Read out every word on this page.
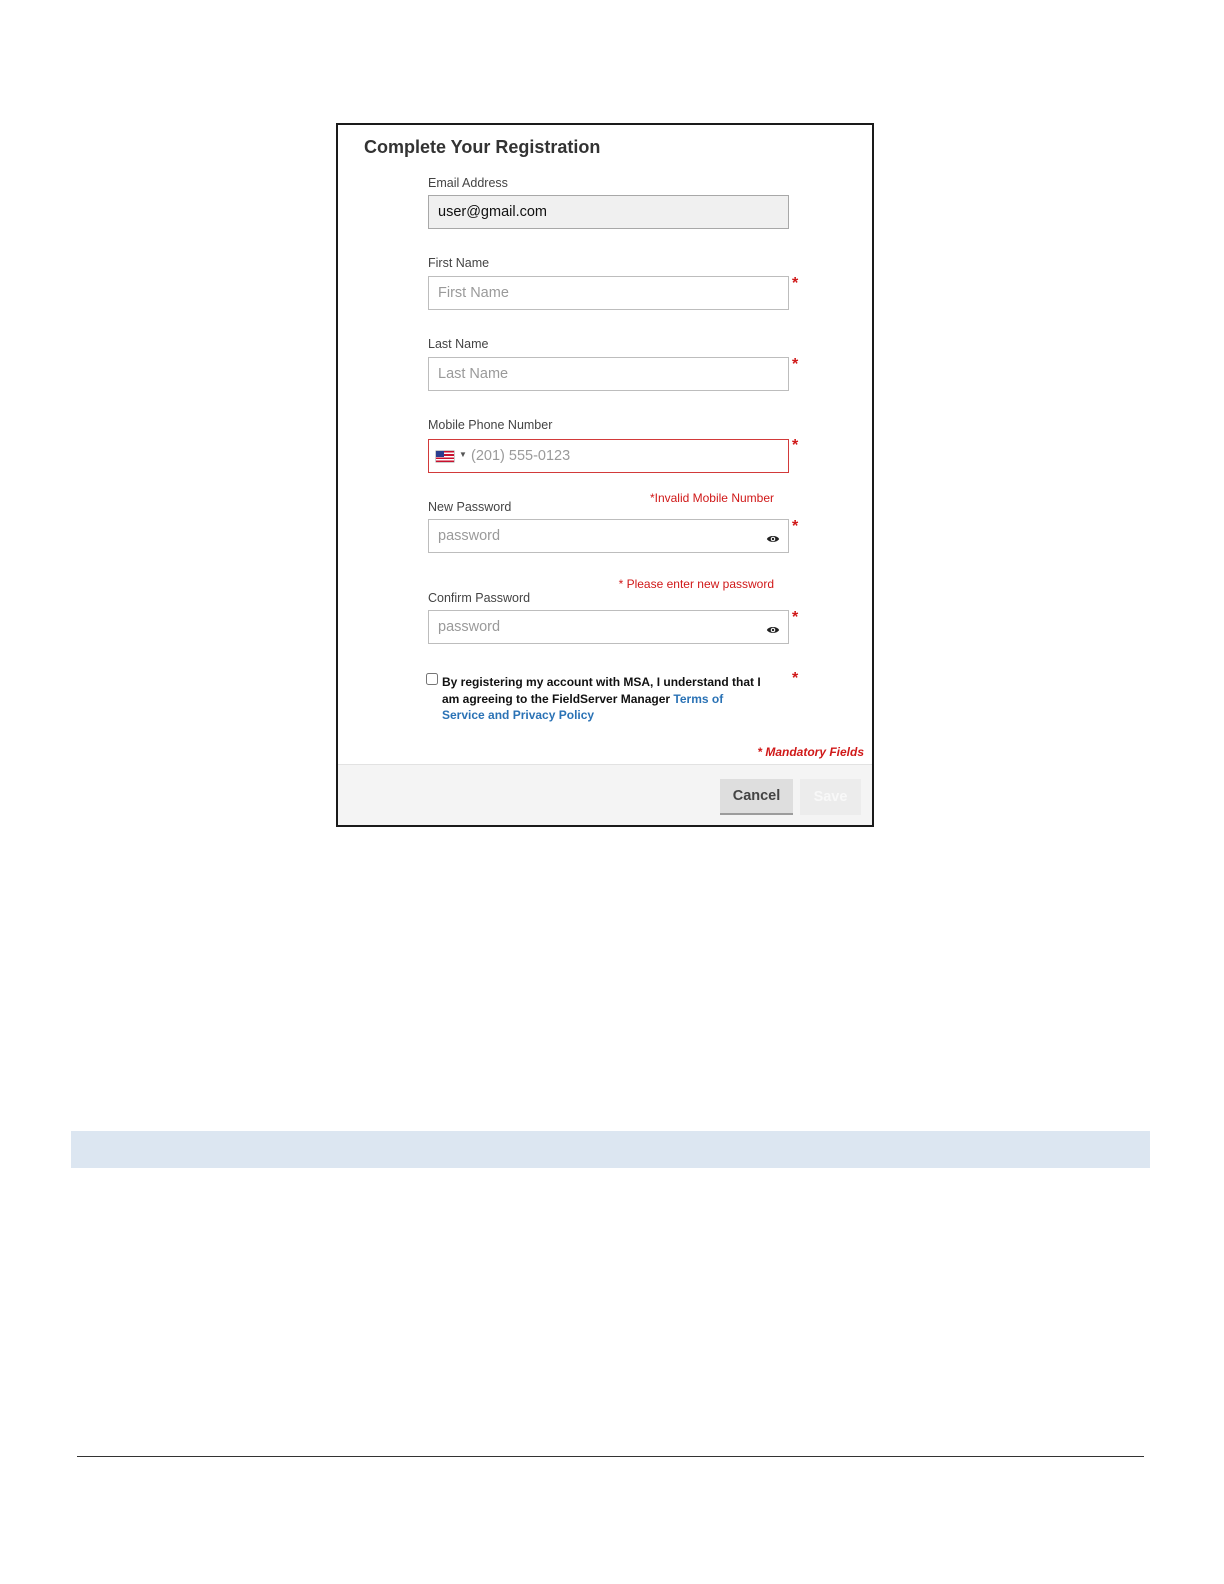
Complete Your Registration
Email Address
user@gmail.com
First Name
First Name
*
Last Name
Last Name
*
Mobile Phone Number
▼
(201) 555-0123
*
*Invalid Mobile Number
New Password
*
* Please enter new password
Confirm Password
*
By registering my account with MSA, I understand that I am agreeing to the FieldServer Manager Terms of Service and Privacy Policy
*
* Mandatory Fields
Cancel	Save
